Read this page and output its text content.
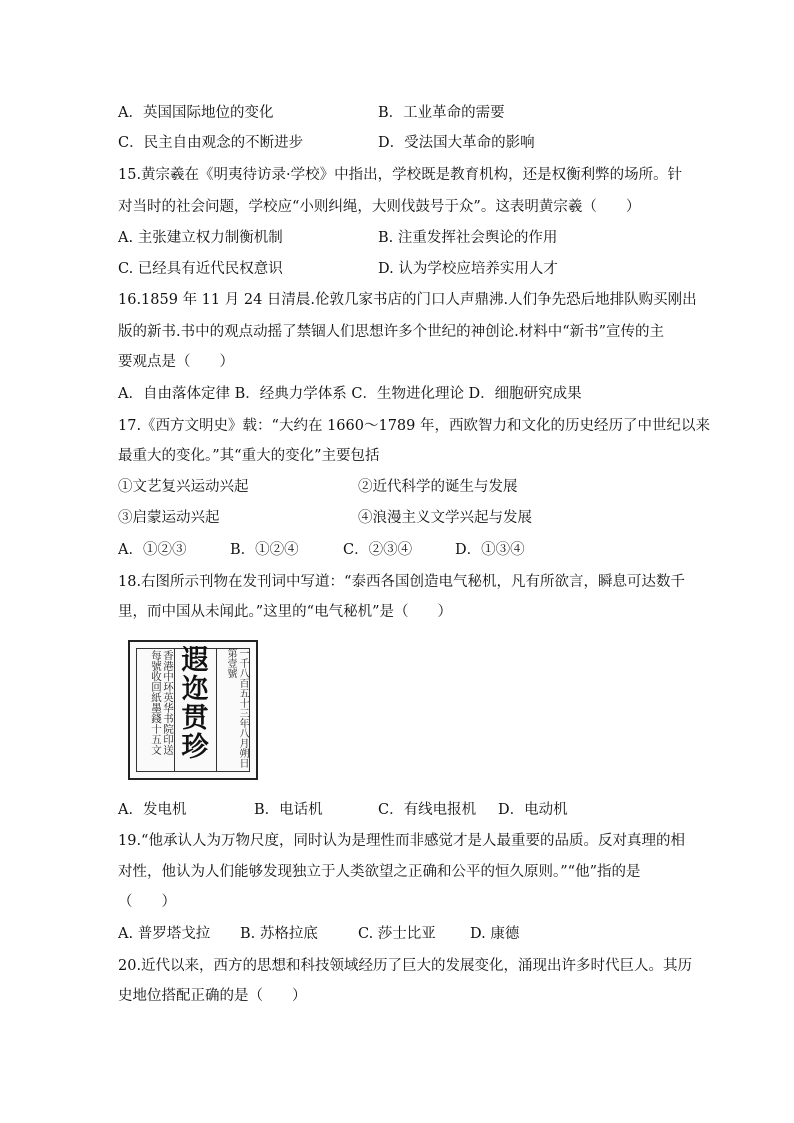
A．英国国际地位的变化	B．工业革命的需要
C．民主自由观念的不断进步	D．受法国大革命的影响
15.黄宗羲在《明夷待访录·学校》中指出，学校既是教育机构，还是权衡利弊的场所。针
对当时的社会问题，学校应“小则纠绳，大则伐鼓号于众”。这表明黄宗羲（　　）
A. 主张建立权力制衡机制	B. 注重发挥社会舆论的作用
C. 已经具有近代民权意识	D. 认为学校应培养实用人才
16.1859 年 11 月 24 日清晨.伦敦几家书店的门口人声鼎沸.人们争先恐后地排队购买刚出
版的新书.书中的观点动摇了禁锢人们思想许多个世纪的神创论.材料中“新书”宣传的主
要观点是（　　）
A．自由落体定律 B．经典力学体系 C．生物进化理论 D．细胞研究成果
17.《西方文明史》载：“大约在 1660～1789 年，西欧智力和文化的历史经历了中世纪以来
最重大的变化。”其“重大的变化”主要包括
①文艺复兴运动兴起	②近代科学的诞生与发展
③启蒙运动兴起	④浪漫主义文学兴起与发展
A．①②③	B．①②④	C．②③④	D．①③④
18.右图所示刊物在发刊词中写道：“泰西各国创造电气秘机，凡有所欲言，瞬息可达数千
里，而中国从未闻此。”这里的“电气秘机”是（　　）
香港中环英华书院印送 每號收回紙墨錢十五文 遐迩贯珍	一千八百五十三年八月朔日 第壹號
A．发电机	B．电话机	C．有线电报机 D．电动机
19.“他承认人为万物尺度，同时认为是理性而非感觉才是人最重要的品质。反对真理的相
对性，他认为人们能够发现独立于人类欲望之正确和公平的恒久原则。”“他”指的是
（　　）
A. 普罗塔戈拉 B. 苏格拉底	C. 莎士比亚 D. 康德
20.近代以来，西方的思想和科技领域经历了巨大的发展变化，涌现出许多时代巨人。其历
史地位搭配正确的是（　　）
